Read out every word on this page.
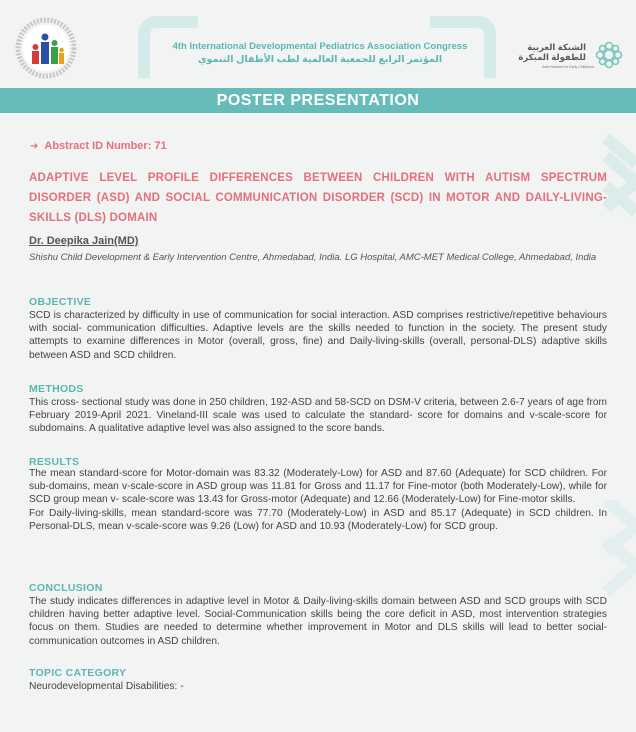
4th International Developmental Pediatrics Association Congress
المؤتمر الرابع للجمعية العالمية لطب الأطفال التنموي
الشبكة العربية
للطفولة المبكرة
Arab Network for Early Childhood
POSTER PRESENTATION
➜ Abstract ID Number: 71
ADAPTIVE LEVEL PROFILE DIFFERENCES BETWEEN CHILDREN WITH AUTISM SPECTRUM DISORDER (ASD) AND SOCIAL COMMUNICATION DISORDER (SCD) IN MOTOR AND DAILY-LIVING-SKILLS (DLS) DOMAIN
Dr. Deepika Jain(MD)
Shishu Child Development & Early Intervention Centre, Ahmedabad, India. LG Hospital, AMC-MET Medical College, Ahmedabad, India
OBJECTIVE
SCD is characterized by difficulty in use of communication for social interaction. ASD comprises restrictive/repetitive behaviours with social- communication difficulties. Adaptive levels are the skills needed to function in the society. The present study attempts to examine differences in Motor (overall, gross, fine) and Daily-living-skills (overall, personal-DLS) adaptive skills between ASD and SCD children.
METHODS
This cross- sectional study was done in 250 children, 192-ASD and 58-SCD on DSM-V criteria, between 2.6-7 years of age from February 2019-April 2021. Vineland-III scale was used to calculate the standard- score for domains and v-scale-score for subdomains. A qualitative adaptive level was also assigned to the score bands.
RESULTS

The mean standard-score for Motor-domain was 83.32 (Moderately-Low) for ASD and 87.60 (Adequate) for SCD children. For sub-domains, mean v-scale-score in ASD group was 11.81 for Gross and 11.17 for Fine-motor (both Moderately-Low), while for SCD group mean v- scale-score was 13.43 for Gross-motor (Adequate) and 12.66 (Moderately-Low) for Fine-motor skills.

For Daily-living-skills, mean standard-score was 77.70 (Moderately-Low) in ASD and 85.17 (Adequate) in SCD children. In Personal-DLS, mean v-scale-score was 9.26 (Low) for ASD and 10.93 (Moderately-Low) for SCD group.

CONCLUSION
The study indicates differences in adaptive level in Motor & Daily-living-skills domain between ASD and SCD groups with SCD children having better adaptive level. Social-Communication skills being the core deficit in ASD, most intervention strategies focus on them. Studies are needed to determine whether improvement in Motor and DLS skills will lead to better social- communication outcomes in ASD children.
TOPIC CATEGORY
Neurodevelopmental Disabilities: -
